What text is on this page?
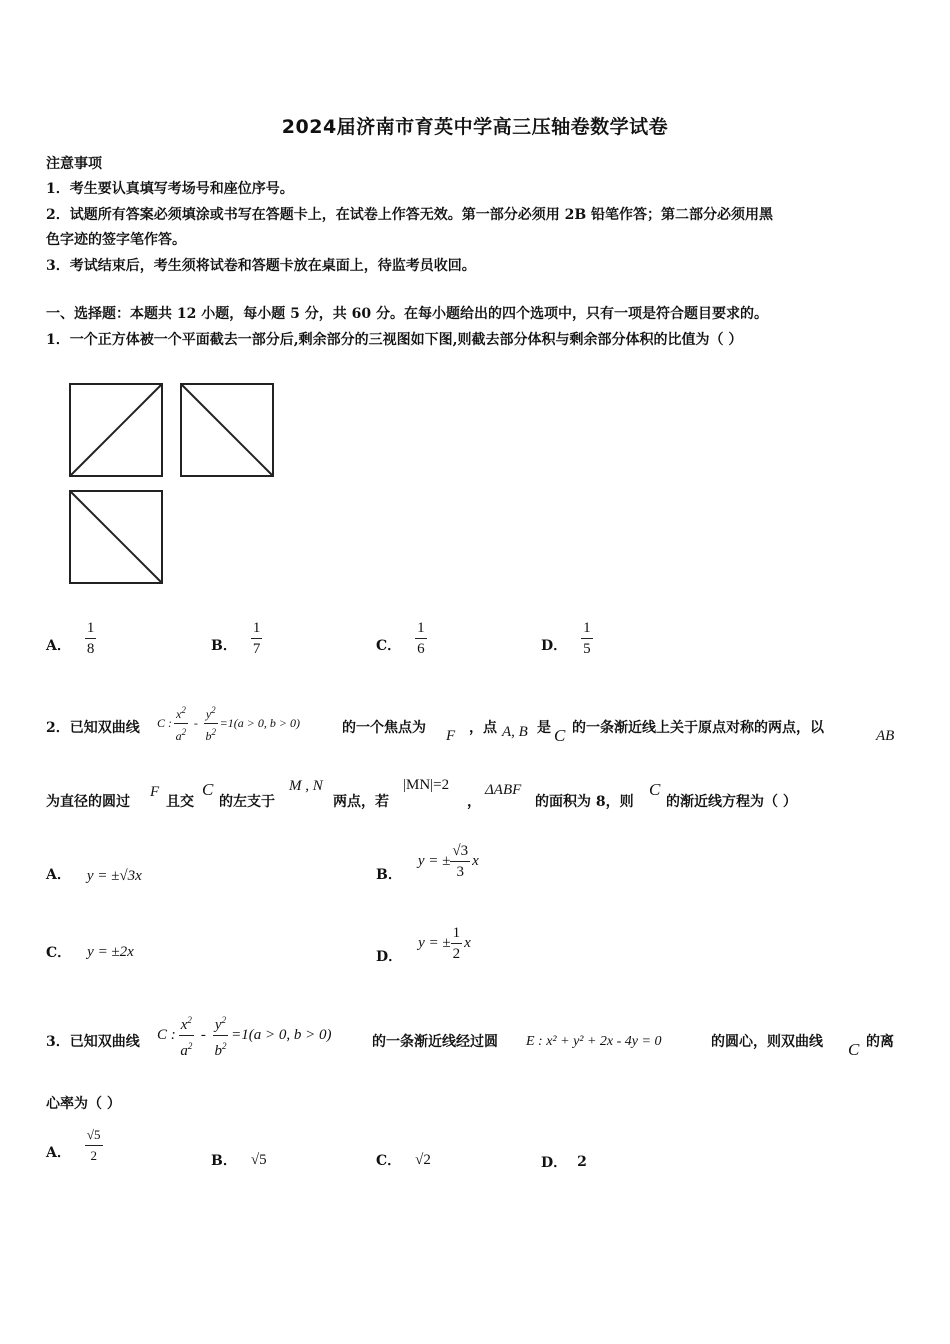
2024届济南市育英中学高三压轴卷数学试卷
注意事项
1．考生要认真填写考场号和座位序号。
2．试题所有答案必须填涂或书写在答题卡上，在试卷上作答无效。第一部分必须用 2B 铅笔作答；第二部分必须用黑
色字迹的签字笔作答。
3．考试结束后，考生须将试卷和答题卡放在桌面上，待监考员收回。
一、选择题：本题共 12 小题，每小题 5 分，共 60 分。在每小题给出的四个选项中，只有一项是符合题目要求的。
1．一个正方体被一个平面截去一部分后,剩余部分的三视图如下图,则截去部分体积与剩余部分体积的比值为（ ）
A． $\frac{1}{8}$	B． $\frac{1}{7}$	C． $\frac{1}{6}$	D． $\frac{1}{5}$
2．已知双曲线 C : $\frac{x^2}{a^2} - \frac{y^2}{b^2} =1(a > 0$, b > 0)	的一个焦点为 F ，点 A, B 是 C 的一条渐近线上关于原点对称的两点，以	AB
为直径的圆过
F
且交
C
的左支于
M , N
两点，若
|MN|=2
，
ΔABF
的面积为 8，则
C
的渐近线方程为（ ）
A． y = ±√3x	B．
y = ± $\frac{√3}{3}$ x
C． y = ±2x	D．
y = ± $\frac{1}{2}$ x
3．已知双曲线 C : $\frac{x^2}{a^2} - \frac{y^2}{b^2} =1$ (a > 0, b > 0)	的一条渐近线经过圆 E : x² + y² + 2x - 4y = 0	的圆心，则双曲线 C 的离
心率为（ ）
A． $\frac{√5}{2}$	B． √5	C． √2	D． 2
